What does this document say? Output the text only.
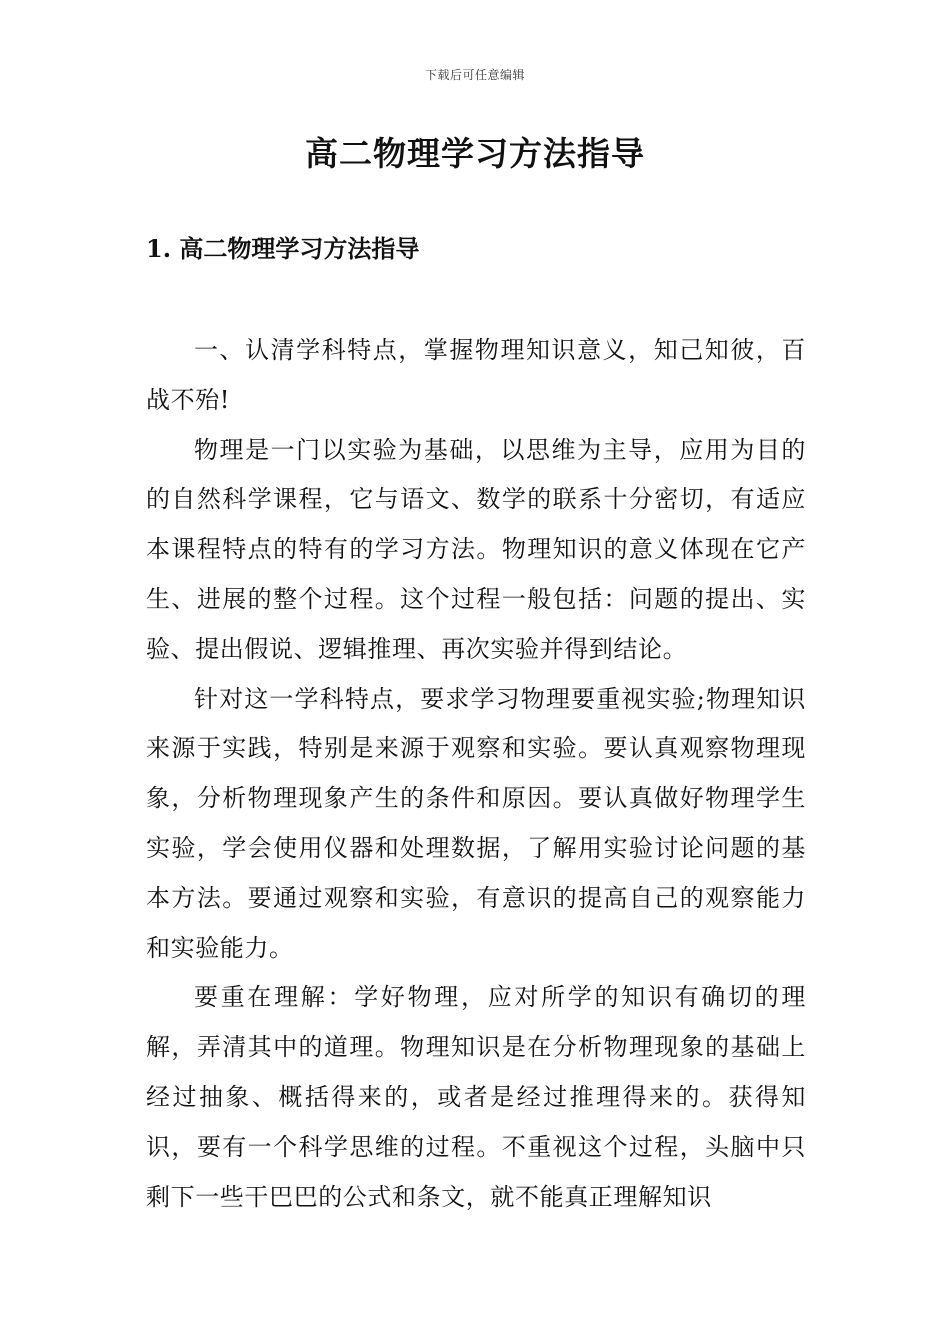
下载后可任意编辑
高二物理学习方法指导
1. 高二物理学习方法指导

一、认清学科特点，掌握物理知识意义，知己知彼，百战不殆!

物理是一门以实验为基础，以思维为主导，应用为目的的自然科学课程，它与语文、数学的联系十分密切，有适应本课程特点的特有的学习方法。物理知识的意义体现在它产生、进展的整个过程。这个过程一般包括：问题的提出、实验、提出假说、逻辑推理、再次实验并得到结论。

针对这一学科特点，要求学习物理要重视实验;物理知识来源于实践，特别是来源于观察和实验。要认真观察物理现象，分析物理现象产生的条件和原因。要认真做好物理学生实验，学会使用仪器和处理数据，了解用实验讨论问题的基本方法。要通过观察和实验，有意识的提高自己的观察能力和实验能力。

要重在理解：学好物理，应对所学的知识有确切的理解，弄清其中的道理。物理知识是在分析物理现象的基础上经过抽象、概括得来的，或者是经过推理得来的。获得知识，要有一个科学思维的过程。不重视这个过程，头脑中只剩下一些干巴巴的公式和条文，就不能真正理解知识
